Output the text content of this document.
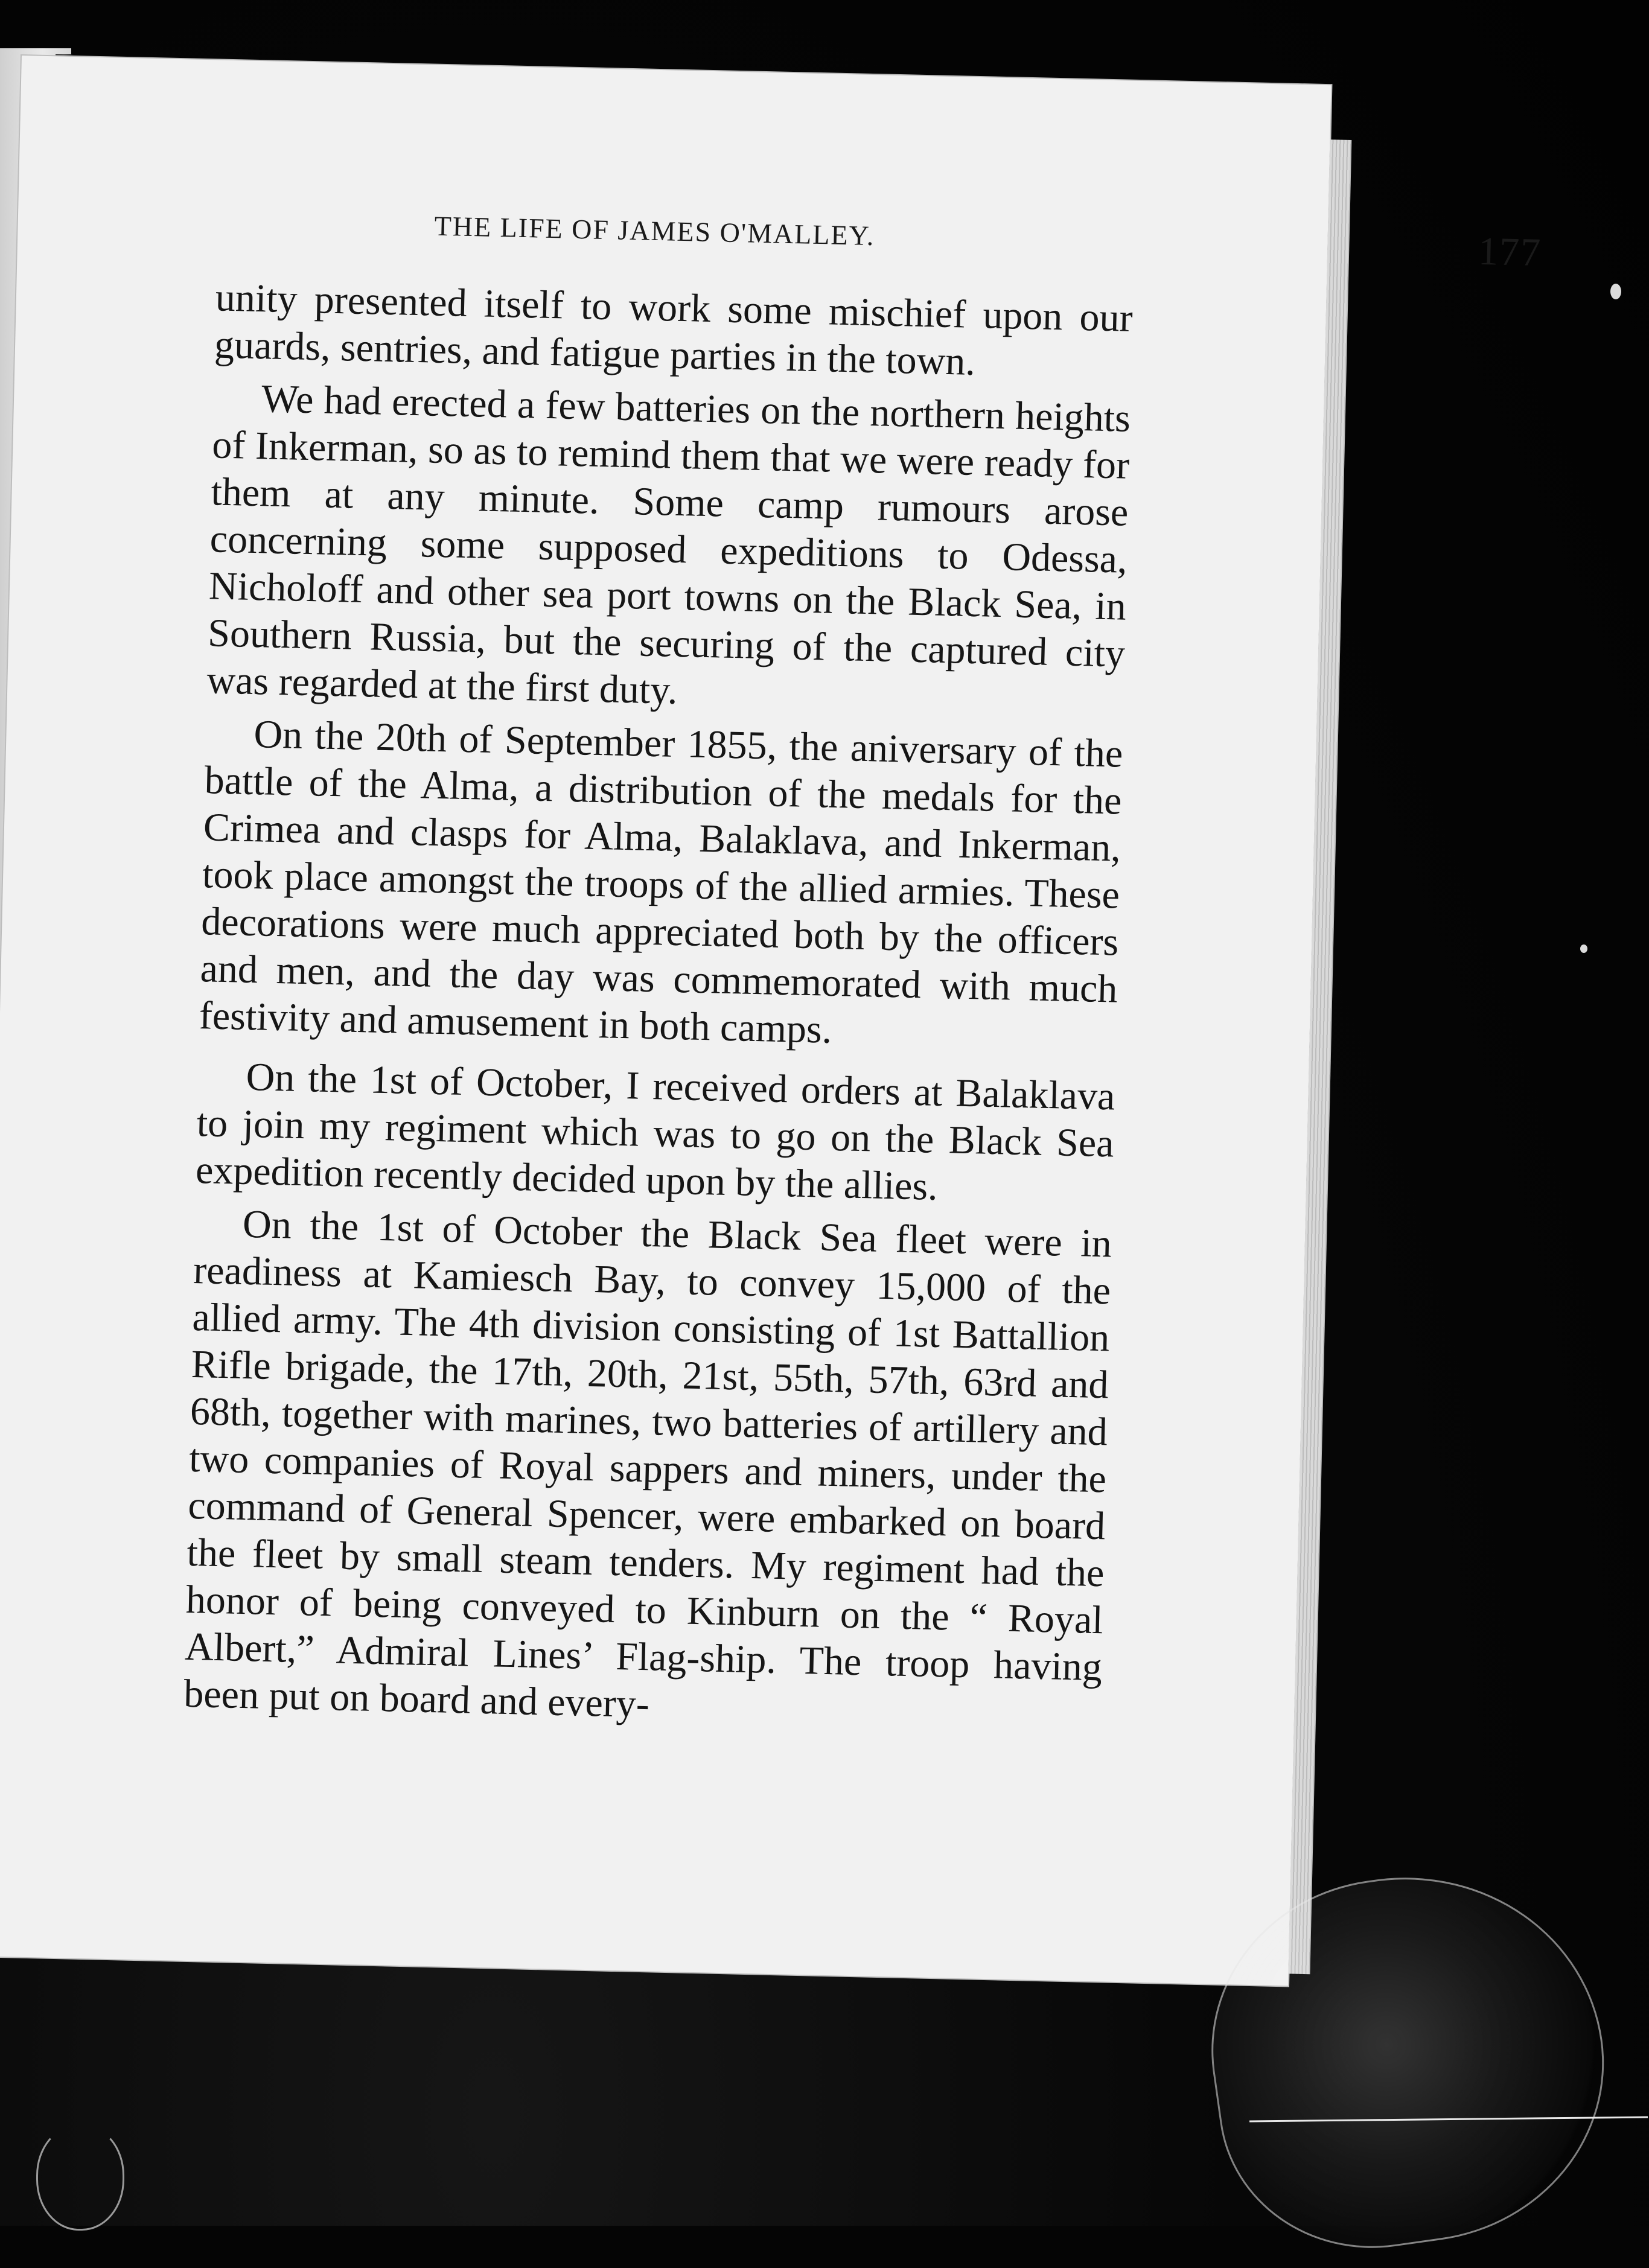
THE LIFE OF JAMES O'MALLEY.	177

unity presented itself to work some mischief upon our guards, sentries, and fatigue parties in the town.

We had erected a few batteries on the northern heights of Inkerman, so as to remind them that we were ready for them at any minute. Some camp rumours arose concerning some supposed expeditions to Odessa, Nicholoff and other sea port towns on the Black Sea, in Southern Russia, but the securing of the captured city was regarded at the first duty.

On the 20th of September 1855, the aniversary of the battle of the Alma, a distribution of the medals for the Crimea and clasps for Alma, Balaklava, and Inkerman, took place amongst the troops of the allied armies. These decorations were much appreciated both by the officers and men, and the day was commemorated with much festivity and amusement in both camps.

On the 1st of October, I received orders at Balaklava to join my regiment which was to go on the Black Sea expedition recently decided upon by the allies.

On the 1st of October the Black Sea fleet were in readiness at Kamiesch Bay, to convey 15,000 of the allied army. The 4th division consisting of 1st Battallion Rifle brigade, the 17th, 20th, 21st, 55th, 57th, 63rd and 68th, together with marines, two batteries of artillery and two companies of Royal sappers and miners, under the command of General Spencer, were embarked on board the fleet by small steam tenders. My regiment had the honor of being conveyed to Kinburn on the “ Royal Albert,” Admiral Lines’ Flag-ship. The troop having been put on board and every-
